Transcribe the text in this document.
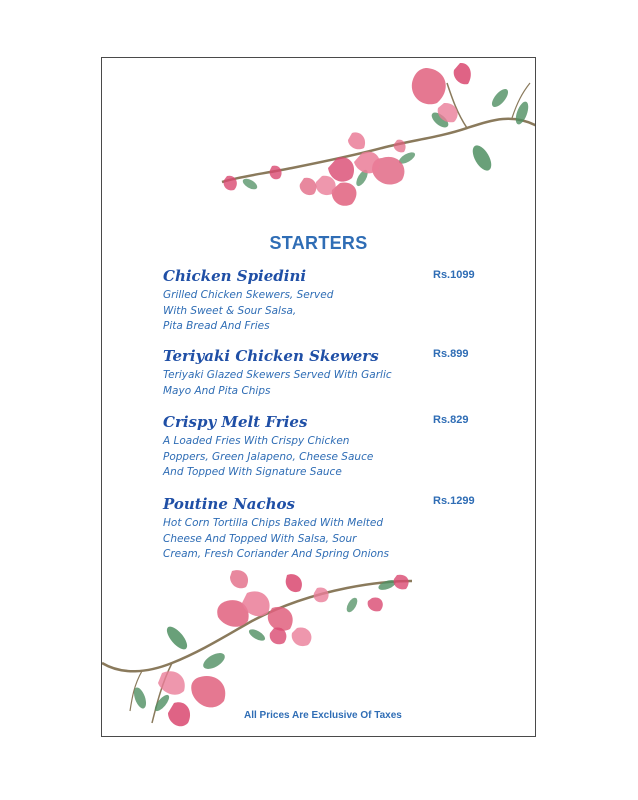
STARTERS
Chicken Spiedini
Grilled Chicken Skewers, Served
With Sweet & Sour Salsa,
Pita Bread And Fries
Rs.1099
Teriyaki Chicken Skewers
Teriyaki Glazed Skewers Served With Garlic
Mayo And Pita Chips
Rs.899
Crispy Melt Fries
A Loaded Fries With Crispy Chicken
Poppers, Green Jalapeno, Cheese Sauce
And Topped With Signature Sauce
Rs.829
Poutine Nachos
Hot Corn Tortilla Chips Baked With Melted
Cheese And Topped With Salsa, Sour
Cream, Fresh Coriander And Spring Onions
Rs.1299
All Prices Are Exclusive Of Taxes
